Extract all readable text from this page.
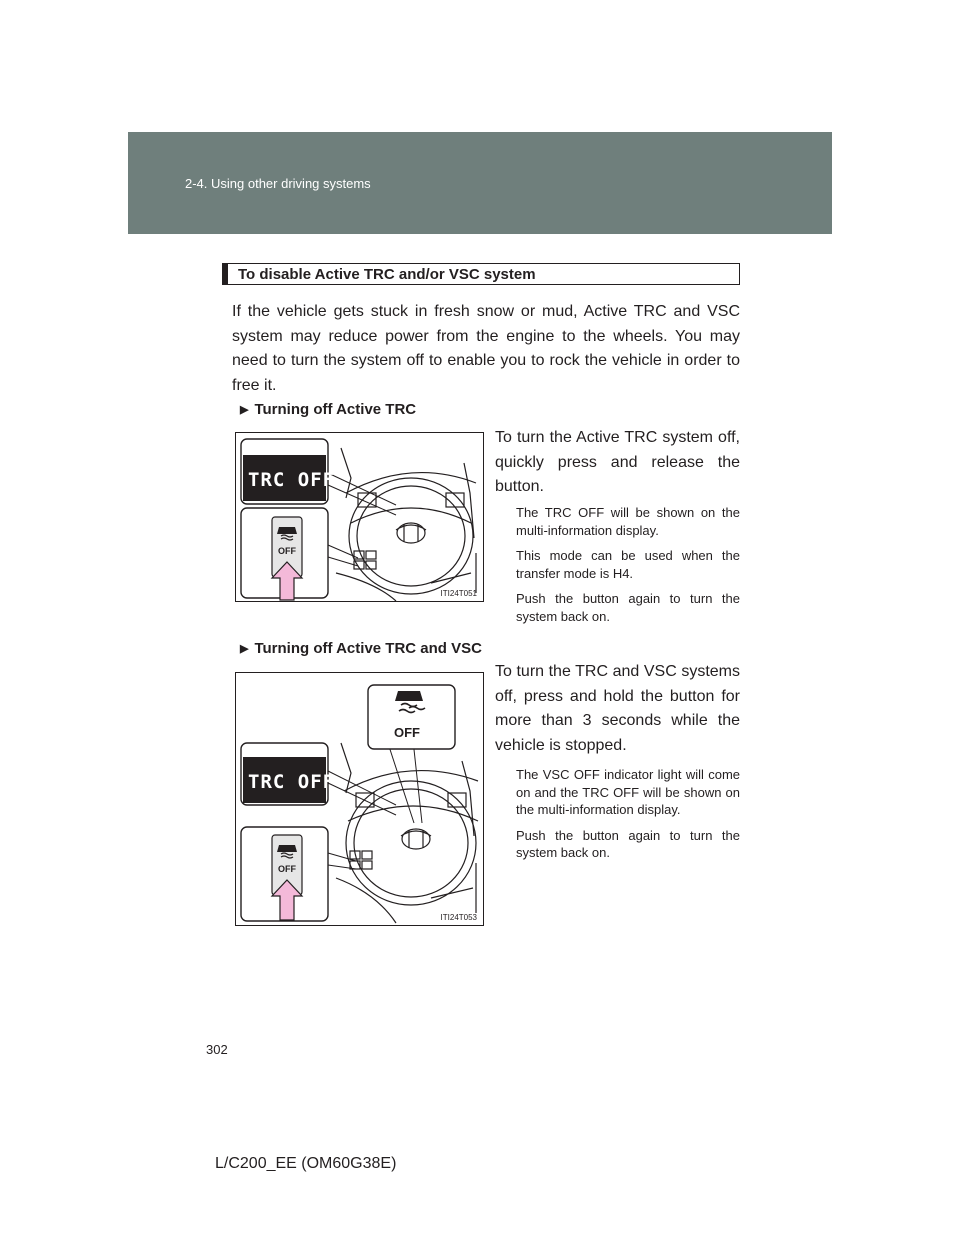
2-4. Using other driving systems
To disable Active TRC and/or VSC system

If the vehicle gets stuck in fresh snow or mud, Active TRC and VSC system may reduce power from the engine to the wheels. You may need to turn the system off to enable you to rock the vehicle in order to free it.

▶ Turning off Active TRC
TRC OFF
OFF
ITI24T051

To turn the Active TRC system off, quickly press and release the button.

The TRC OFF will be shown on the multi-information display.
This mode can be used when the transfer mode is H4.
Push the button again to turn the system back on.
▶ Turning off Active TRC and VSC
OFF
TRC OFF
OFF
ITI24T053

To turn the TRC and VSC systems off, press and hold the button for more than 3 seconds while the vehicle is stopped.

The VSC OFF indicator light will come on and the TRC OFF will be shown on the multi-information display.
Push the button again to turn the system back on.
302
L/C200_EE (OM60G38E)
